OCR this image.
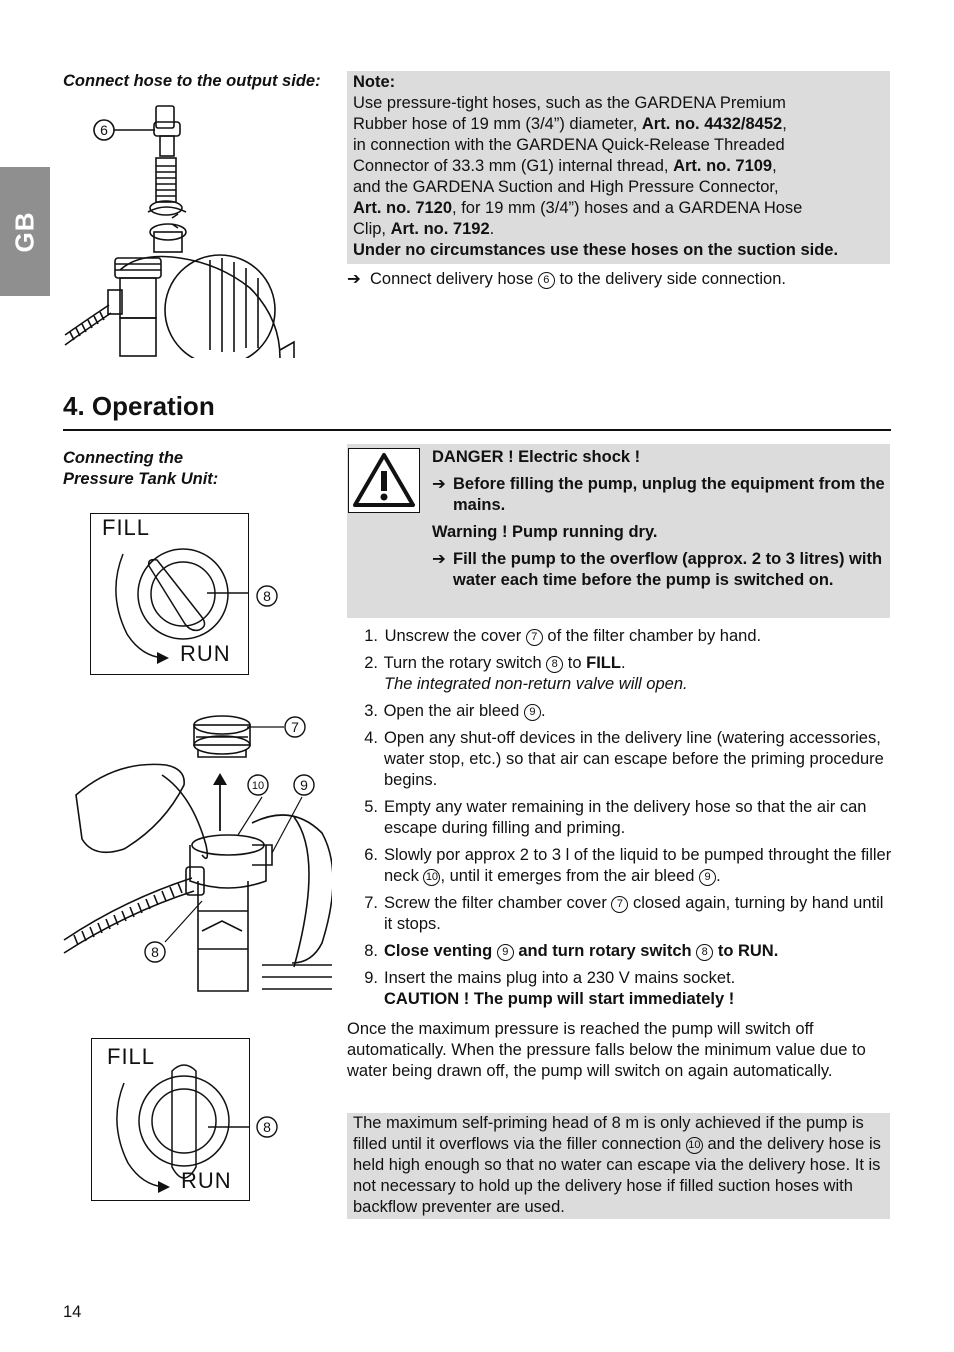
GB
Connect hose to the output side:
6

Note:

Use pressure-tight hoses, such as the GARDENA Premium

Rubber hose of 19 mm (3/4”) diameter, Art. no. 4432/8452,

in connection with the GARDENA Quick-Release Threaded

Connector of 33.3 mm (G1) internal thread, Art. no. 7109,

and the GARDENA Suction and High Pressure Connector,

Art. no. 7120, for 19 mm (3/4”) hoses and a GARDENA Hose

Clip, Art. no. 7192.

Under no circumstances use these hoses on the suction side.

➔ Connect delivery hose 6 to the delivery side connection.
4. Operation
Connecting the
Pressure Tank Unit:
FILL
RUN
8

DANGER ! Electric shock !

➔ Before filling the pump, unplug the equipment from the mains.

Warning ! Pump running dry.

➔ Fill the pump to the overflow (approx. 2 to 3 litres) with water each time before the pump is switched on.
1. Unscrew the cover 7 of the filter chamber by hand.
2. Turn the rotary switch 8 to FILL.
The integrated non-return valve will open.
3. Open the air bleed 9 .
4. Open any shut-off devices in the delivery line (watering accessories, water stop, etc.) so that air can escape before the priming procedure begins.
5. Empty any water remaining in the delivery hose so that the air can escape during filling and priming.
6. Slowly por approx 2 to 3 l of the liquid to be pumped throught the filler neck 10 , until it emerges from the air bleed 9 .
7. Screw the filter chamber cover 7 closed again, turning by hand until it stops.
8. Close venting 9 and turn rotary switch 8 to RUN.
9. Insert the mains plug into a 230 V mains socket.
CAUTION ! The pump will start immediately !
7
10	9
8
Once the maximum pressure is reached the pump will switch off automatically. When the pressure falls below the minimum value due to water being drawn off, the pump will switch on again automatically.
FILL
RUN
8	The maximum self-priming head of 8 m is only achieved if the pump is filled until it overflows via the filler connection 10 and the delivery hose is held high enough so that no water can escape via the delivery hose. It is not necessary to hold up the delivery hose if filled suction hoses with backflow preventer are used.
14
